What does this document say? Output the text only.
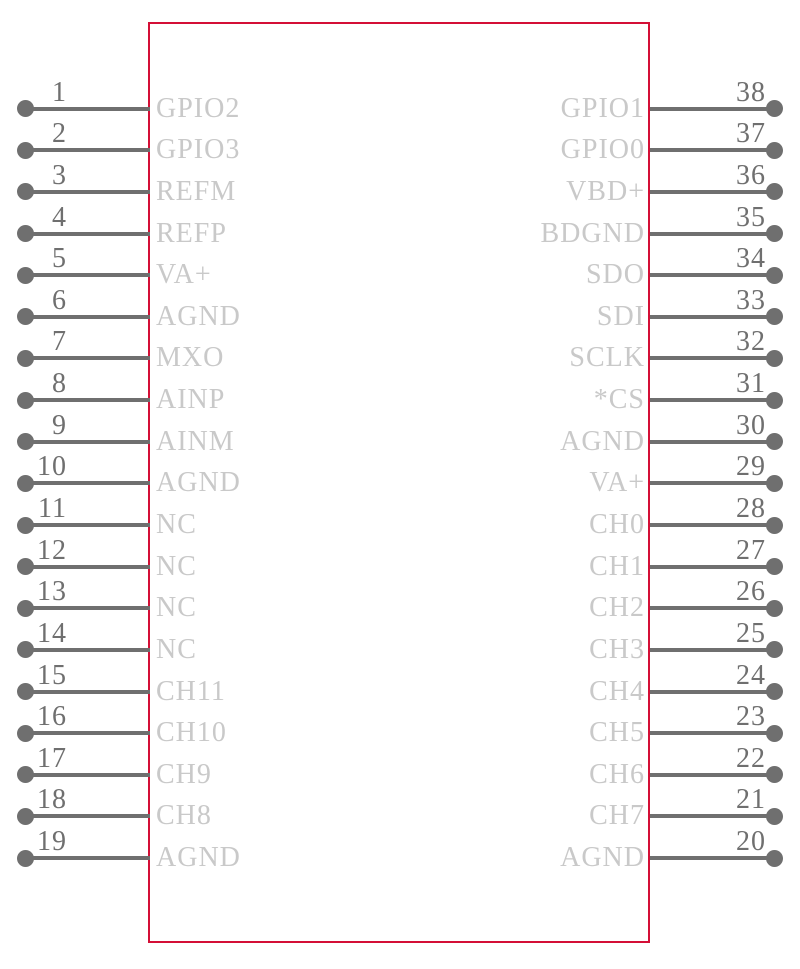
1
GPIO2
2
GPIO3
3
REFM
4
REFP
5
VA+
6
AGND
7
MXO
8
AINP
9
AINM
10
AGND
11
NC
12
NC
13
NC
14
NC
15
CH11
16
CH10
17
CH9
18
CH8
19
AGND
38
GPIO1
37
GPIO0
36
VBD+
35
BDGND
34
SDO
33
SDI
32
SCLK
31
*CS
30
AGND
29
VA+
28
CH0
27
CH1
26
CH2
25
CH3
24
CH4
23
CH5
22
CH6
21
CH7
20
AGND
